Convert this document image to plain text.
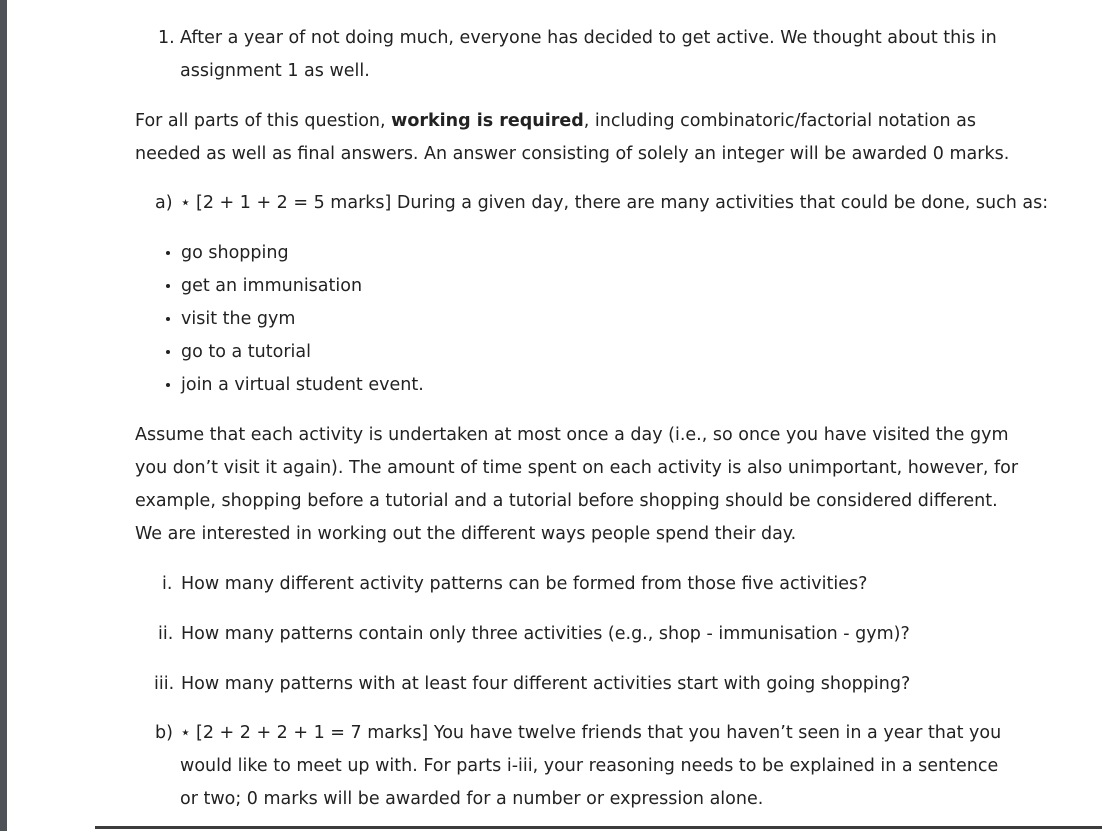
1. After a year of not doing much, everyone has decided to get active. We thought about this in
assignment 1 as well.
For all parts of this question, working is required, including combinatoric/factorial notation as
needed as well as final answers. An answer consisting of solely an integer will be awarded 0 marks.
a) ⋆ [2 + 1 + 2 = 5 marks] During a given day, there are many activities that could be done, such as:
go shopping
get an immunisation
visit the gym
go to a tutorial
join a virtual student event.
Assume that each activity is undertaken at most once a day (i.e., so once you have visited the gym
you don’t visit it again). The amount of time spent on each activity is also unimportant, however, for
example, shopping before a tutorial and a tutorial before shopping should be considered different.
We are interested in working out the different ways people spend their day.
i. How many different activity patterns can be formed from those five activities?
ii. How many patterns contain only three activities (e.g., shop - immunisation - gym)?
iii. How many patterns with at least four different activities start with going shopping?
b) ⋆ [2 + 2 + 2 + 1 = 7 marks] You have twelve friends that you haven’t seen in a year that you
would like to meet up with. For parts i-iii, your reasoning needs to be explained in a sentence
or two; 0 marks will be awarded for a number or expression alone.
